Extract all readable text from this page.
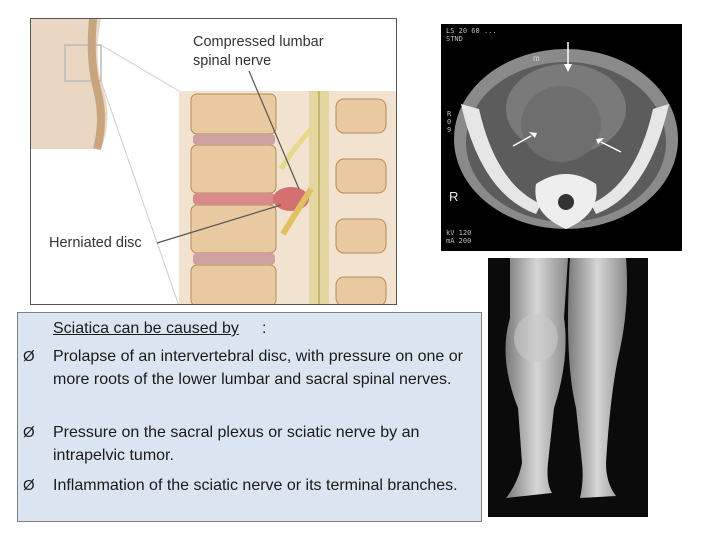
Compressed lumbar spinal nerve
Herniated disc
LS 20 60 ...
STND
R
0
9
kV 120
mA 200
R
m
Sciatica can be caused by :
Ø	Prolapse of an intervertebral disc, with pressure on one or more roots of the lower lumbar and sacral spinal nerves.
Ø	Pressure on the sacral plexus or sciatic nerve by an intrapelvic tumor.
Ø	Inflammation of the sciatic nerve or its terminal branches.
